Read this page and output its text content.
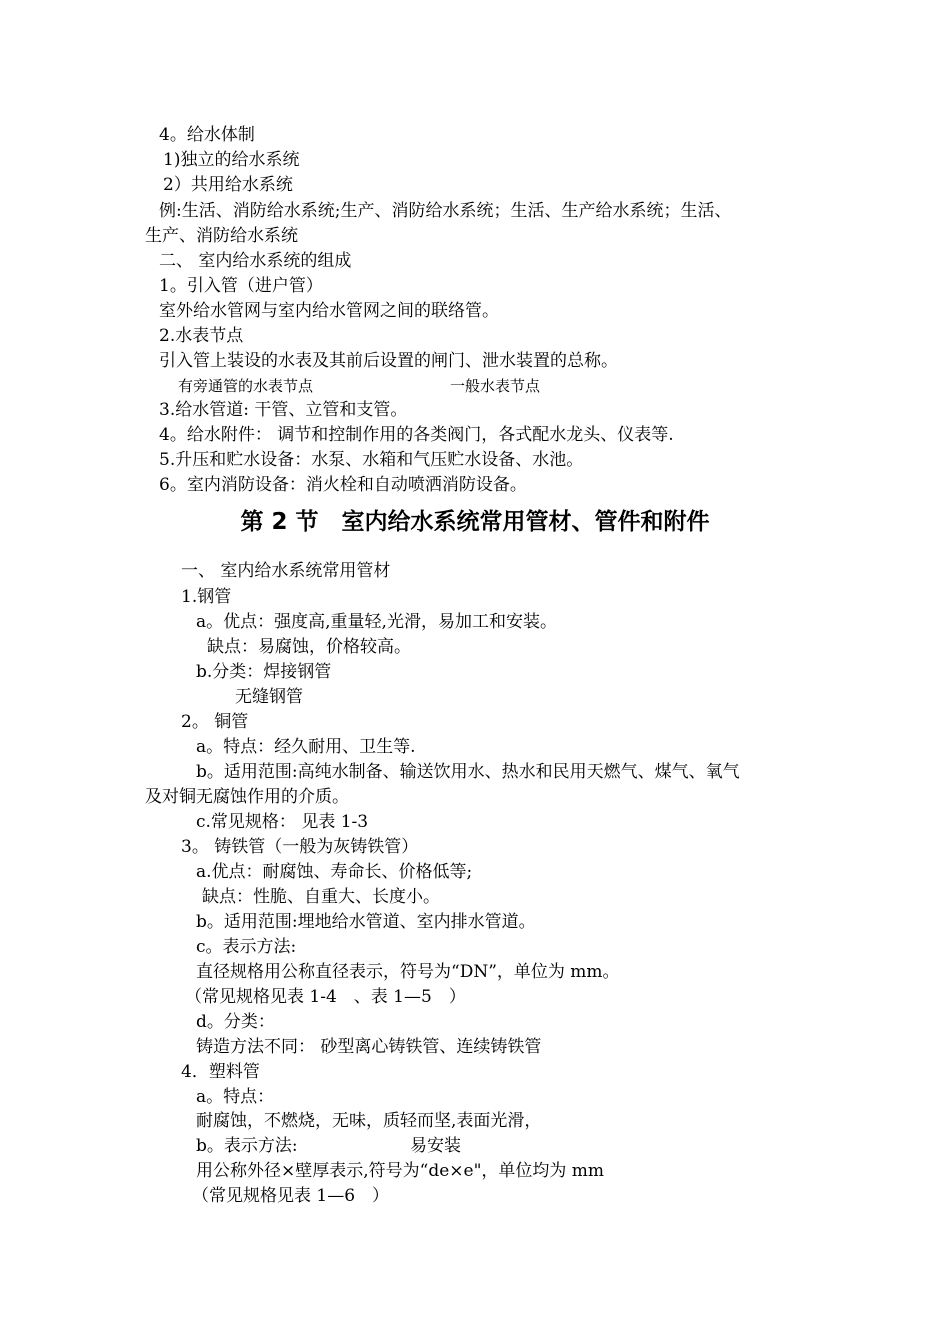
4。给水体制
1)独立的给水系统
2）共用给水系统
例:生活、消防给水系统;生产、消防给水系统；生活、生产给水系统；生活、
生产、消防给水系统
二、 室内给水系统的组成
1。引入管（进户管）
室外给水管网与室内给水管网之间的联络管。
2.水表节点
引入管上装设的水表及其前后设置的闸门、泄水装置的总称。
有旁通管的水表节点	一般水表节点
3.给水管道: 干管、立管和支管。
4。给水附件： 调节和控制作用的各类阀门，各式配水龙头、仪表等.
5.升压和贮水设备：水泵、水箱和气压贮水设备、水池。
6。室内消防设备：消火栓和自动喷洒消防设备。
第 2 节　室内给水系统常用管材、管件和附件
一、 室内给水系统常用管材
1.钢管
a。优点：强度高,重量轻,光滑，易加工和安装。
缺点：易腐蚀，价格较高。
b.分类：焊接钢管
无缝钢管
2。 铜管
a。特点：经久耐用、卫生等.
b。适用范围:高纯水制备、输送饮用水、热水和民用天燃气、煤气、氧气
及对铜无腐蚀作用的介质。
c.常见规格： 见表 1-3
3。 铸铁管（一般为灰铸铁管）
a.优点：耐腐蚀、寿命长、价格低等;
缺点：性脆、自重大、长度小。
b。适用范围:埋地给水管道、室内排水管道。
c。表示方法:
直径规格用公称直径表示，符号为“DN”，单位为 mm。
（常见规格见表 1-4　、表 1—5　）
d。分类：
铸造方法不同： 砂型离心铸铁管、连续铸铁管
4．塑料管
a。特点：
耐腐蚀，不燃烧，无味，质轻而坚,表面光滑，
b。表示方法:	易安装
用公称外径×壁厚表示,符号为“de×e"，单位均为 mm
（常见规格见表 1—6　）
